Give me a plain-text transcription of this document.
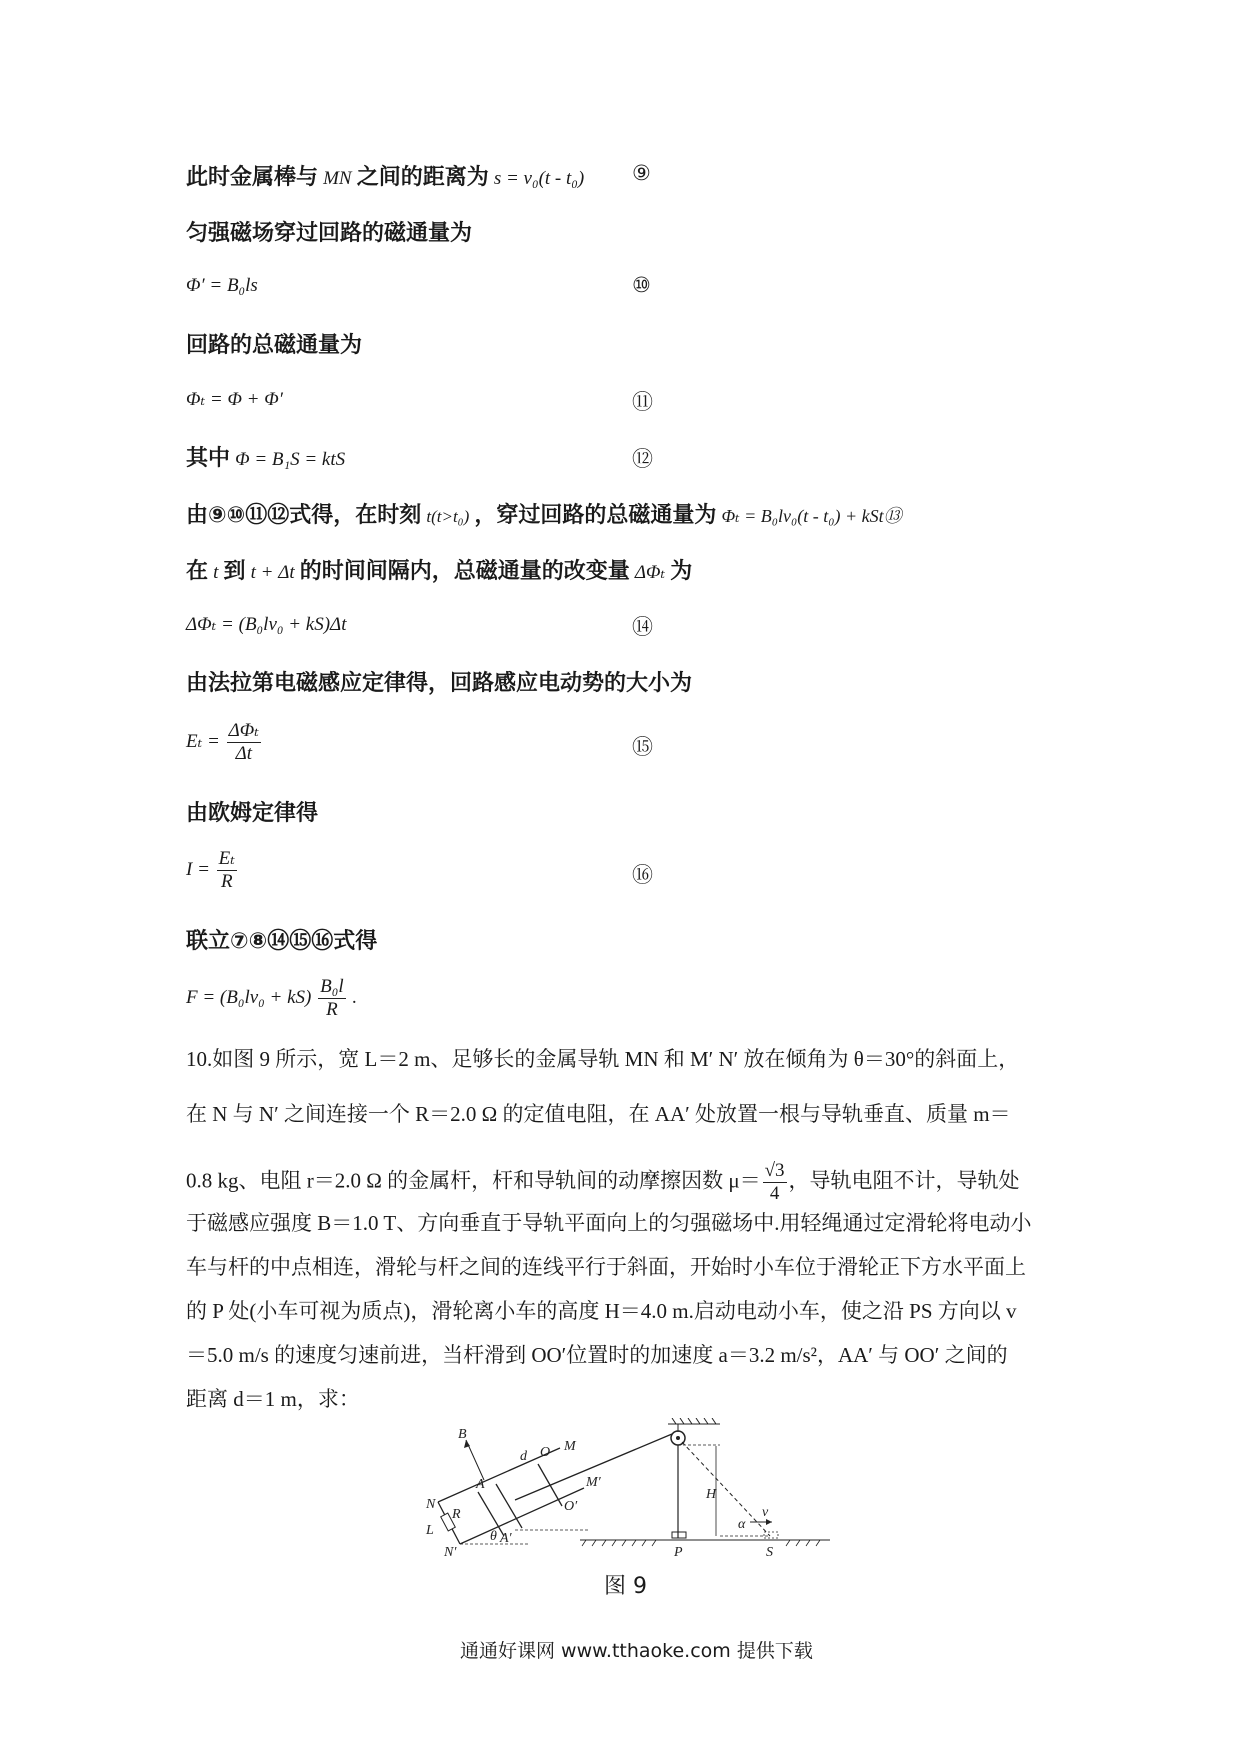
此时金属棒与 MN 之间的距离为 s = v₀(t - t₀) ⑨
匀强磁场穿过回路的磁通量为
Φ′ = B₀ls	⑩
回路的总磁通量为
Φₜ = Φ + Φ′	⑪
其中 Φ = B₁S = ktS	⑫
由⑨⑩⑪⑫式得，在时刻 t(t>t₀) ，穿过回路的总磁通量为 Φₜ = B₀lv₀(t - t₀) + kSt⑬
在 t 到 t + Δt 的时间间隔内，总磁通量的改变量 ΔΦₜ 为
ΔΦₜ = (B₀lv₀ + kS)Δt	⑭
由法拉第电磁感应定律得，回路感应电动势的大小为
$E_t = \frac{\text{ΔΦₜ}}{\Delta t}$	⑮
由欧姆定律得
$I = \frac{\text{Eₜ}}{R}$	⑯
联立⑦⑧⑭⑮⑯式得
$F = (B_0lv_0 + kS) \frac{\text{B₀l}}{R}$ .
10.如图 9 所示，宽 L＝2 m、足够长的金属导轨 MN 和 M′ N′ 放在倾角为 θ＝30°的斜面上，
在 N 与 N′ 之间连接一个 R＝2.0 Ω 的定值电阻，在 AA′ 处放置一根与导轨垂直、质量 m＝
0.8 kg、电阻 r＝2.0 Ω 的金属杆，杆和导轨间的动摩擦因数 $\mu= \frac{√3}{4}$ ，导轨电阻不计，导轨处
于磁感应强度 B＝1.0 T、方向垂直于导轨平面向上的匀强磁场中.用轻绳通过定滑轮将电动小
车与杆的中点相连，滑轮与杆之间的连线平行于斜面，开始时小车位于滑轮正下方水平面上
的 P 处(小车可视为质点)，滑轮离小车的高度 H＝4.0 m.启动电动小车，使之沿 PS 方向以 v
＝5.0 m/s 的速度匀速前进，当杆滑到 OO′位置时的加速度 a＝3.2 m/s²，AA′ 与 OO′ 之间的
距离 d＝1 m，求：
H
α
v
P	S
B
d O M
A
N
M′
R
O′
L	θ A′
N′
图 9
通通好课网 www.tthaoke.com 提供下载
